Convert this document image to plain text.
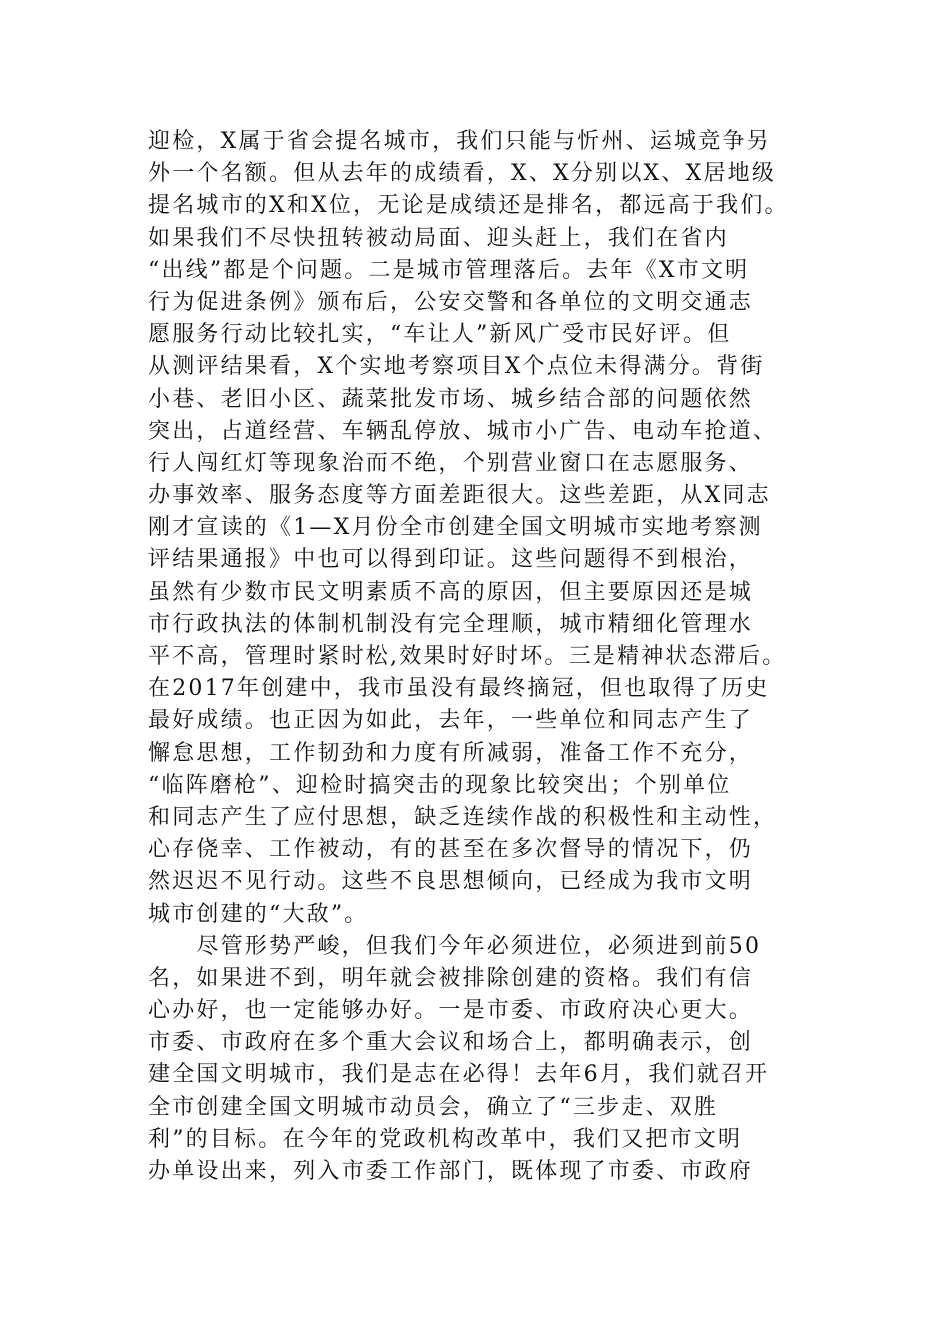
迎检，X属于省会提名城市，我们只能与忻州、运城竞争另
外一个名额。但从去年的成绩看，X、X分别以X、X居地级
提名城市的X和X位，无论是成绩还是排名，都远高于我们。
如果我们不尽快扭转被动局面、迎头赶上，我们在省内
“出线”都是个问题。二是城市管理落后。去年《X市文明
行为促进条例》颁布后，公安交警和各单位的文明交通志
愿服务行动比较扎实，“车让人”新风广受市民好评。但
从测评结果看，X个实地考察项目X个点位未得满分。背街
小巷、老旧小区、蔬菜批发市场、城乡结合部的问题依然
突出，占道经营、车辆乱停放、城市小广告、电动车抢道、
行人闯红灯等现象治而不绝，个别营业窗口在志愿服务、
办事效率、服务态度等方面差距很大。这些差距，从X同志
刚才宣读的《1—X月份全市创建全国文明城市实地考察测
评结果通报》中也可以得到印证。这些问题得不到根治，
虽然有少数市民文明素质不高的原因，但主要原因还是城
市行政执法的体制机制没有完全理顺，城市精细化管理水
平不高，管理时紧时松,效果时好时坏。三是精神状态滞后。
在2017年创建中，我市虽没有最终摘冠，但也取得了历史
最好成绩。也正因为如此，去年，一些单位和同志产生了
懈怠思想，工作韧劲和力度有所减弱，准备工作不充分，
“临阵磨枪”、迎检时搞突击的现象比较突出；个别单位
和同志产生了应付思想，缺乏连续作战的积极性和主动性，
心存侥幸、工作被动，有的甚至在多次督导的情况下，仍
然迟迟不见行动。这些不良思想倾向，已经成为我市文明
城市创建的“大敌”。
　　尽管形势严峻，但我们今年必须进位，必须进到前50
名，如果进不到，明年就会被排除创建的资格。我们有信
心办好，也一定能够办好。一是市委、市政府决心更大。
市委、市政府在多个重大会议和场合上，都明确表示，创
建全国文明城市，我们是志在必得！去年6月，我们就召开
全市创建全国文明城市动员会，确立了“三步走、双胜
利”的目标。在今年的党政机构改革中，我们又把市文明
办单设出来，列入市委工作部门，既体现了市委、市政府
